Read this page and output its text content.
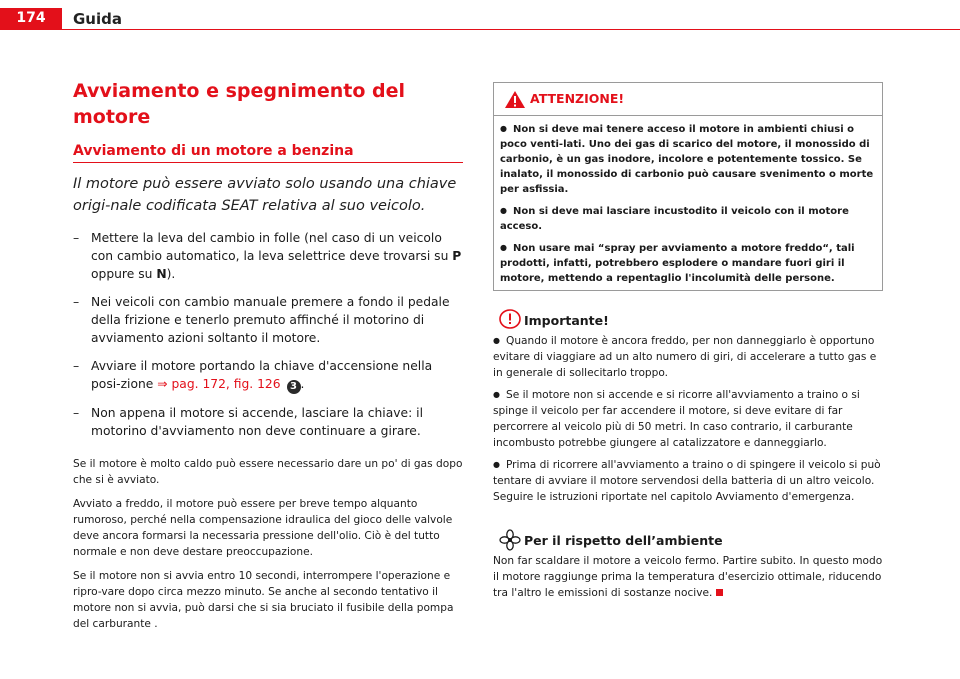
174	Guida
Avviamento e spegnimento del motore
Avviamento di un motore a benzina
Il motore può essere avviato solo usando una chiave origi-nale codificata SEAT relativa al suo veicolo.
– Mettere la leva del cambio in folle (nel caso di un veicolo con cambio automatico, la leva selettrice deve trovarsi su P oppure su N).
– Nei veicoli con cambio manuale premere a fondo il pedale della frizione e tenerlo premuto affinché il motorino di avviamento azioni soltanto il motore.
– Avviare il motore portando la chiave d'accensione nella posi-zione ⇒ pag. 172, fig. 126 3 .
– Non appena il motore si accende, lasciare la chiave: il motorino d'avviamento non deve continuare a girare.
Se il motore è molto caldo può essere necessario dare un po' di gas dopo che si è avviato.
Avviato a freddo, il motore può essere per breve tempo alquanto rumoroso, perché nella compensazione idraulica del gioco delle valvole deve ancora formarsi la necessaria pressione dell'olio. Ciò è del tutto normale e non deve destare preoccupazione.
Se il motore non si avvia entro 10 secondi, interrompere l'operazione e ripro-vare dopo circa mezzo minuto. Se anche al secondo tentativo il motore non si avvia, può darsi che si sia bruciato il fusibile della pompa del carburante .
ATTENZIONE!
● Non si deve mai tenere acceso il motore in ambienti chiusi o poco venti-lati. Uno dei gas di scarico del motore, il monossido di carbonio, è un gas inodore, incolore e potentemente tossico. Se inalato, il monossido di carbonio può causare svenimento o morte per asfissia.
● Non si deve mai lasciare incustodito il veicolo con il motore acceso.
● Non usare mai “spray per avviamento a motore freddo“, tali prodotti, infatti, potrebbero esplodere o mandare fuori giri il motore, mettendo a repentaglio l'incolumità delle persone.
Importante!
● Quando il motore è ancora freddo, per non danneggiarlo è opportuno evitare di viaggiare ad un alto numero di giri, di accelerare a tutto gas e in generale di sollecitarlo troppo.
● Se il motore non si accende e si ricorre all'avviamento a traino o si spinge il veicolo per far accendere il motore, si deve evitare di far percorrere al veicolo più di 50 metri. In caso contrario, il carburante incombusto potrebbe giungere al catalizzatore e danneggiarlo.
● Prima di ricorrere all'avviamento a traino o di spingere il veicolo si può tentare di avviare il motore servendosi della batteria di un altro veicolo. Seguire le istruzioni riportate nel capitolo Avviamento d'emergenza.
Per il rispetto dell’ambiente
Non far scaldare il motore a veicolo fermo. Partire subito. In questo modo il motore raggiunge prima la temperatura d'esercizio ottimale, riducendo tra l'altro le emissioni di sostanze nocive.
